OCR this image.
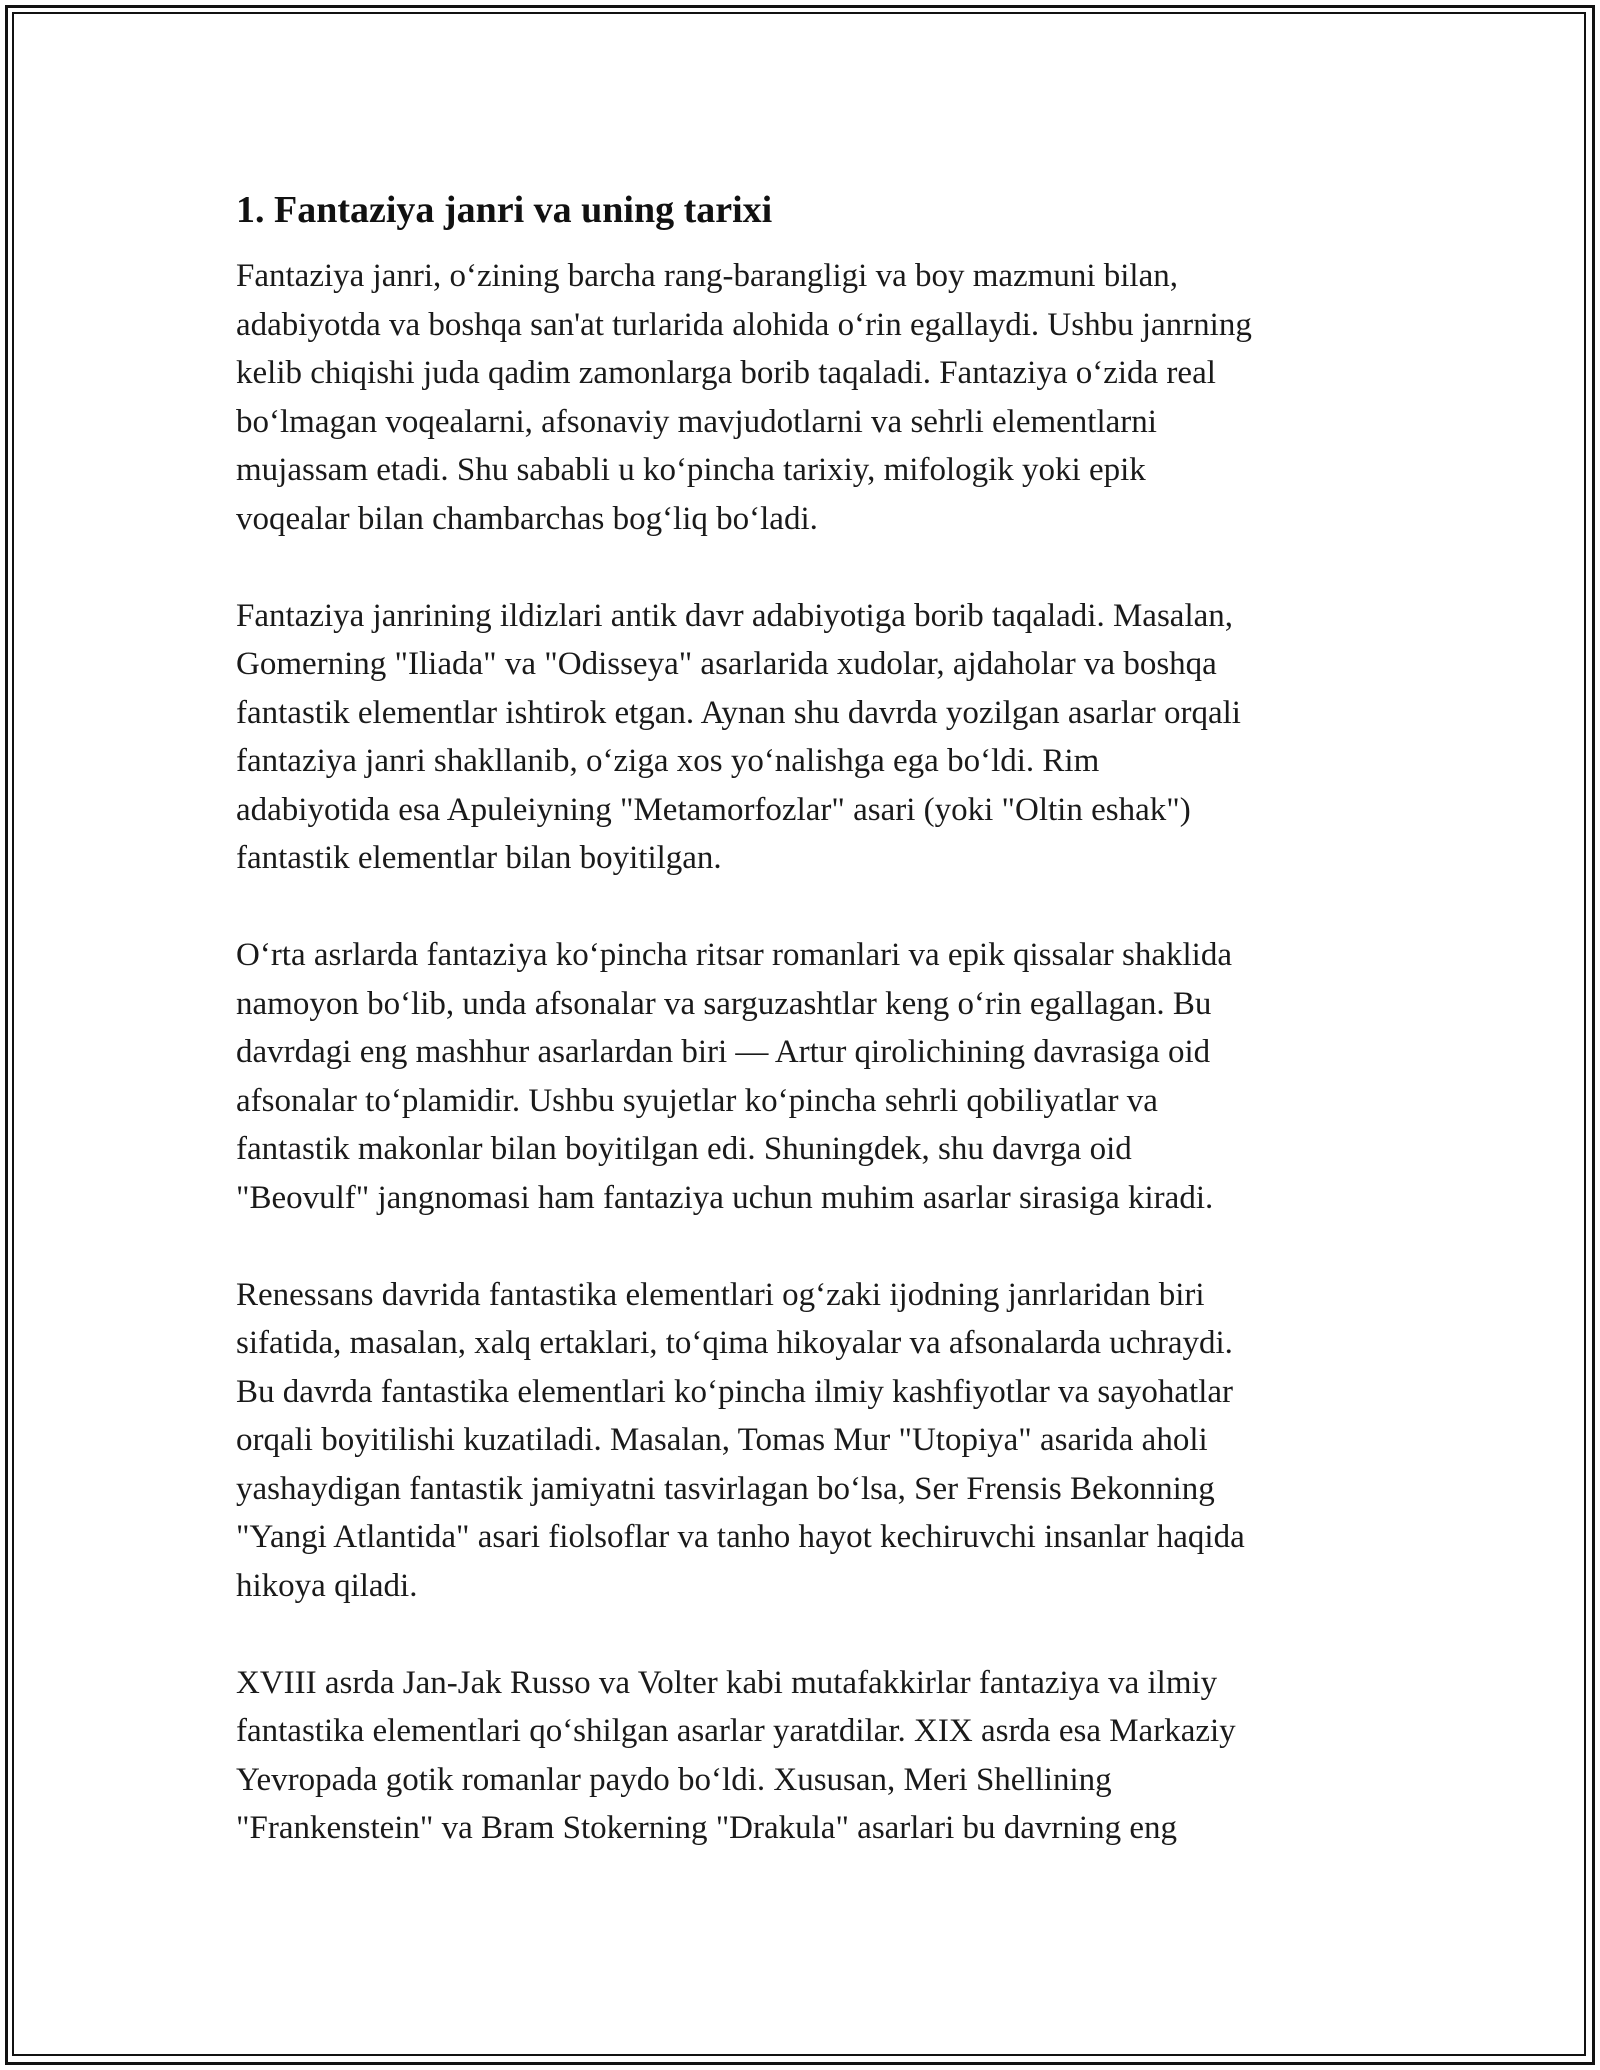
1. Fantaziya janri va uning tarixi
Fantaziya janri, o‘zining barcha rang-barangligi va boy mazmuni bilan,
adabiyotda va boshqa san'at turlarida alohida o‘rin egallaydi. Ushbu janrning
kelib chiqishi juda qadim zamonlarga borib taqaladi. Fantaziya o‘zida real
bo‘lmagan voqealarni, afsonaviy mavjudotlarni va sehrli elementlarni
mujassam etadi. Shu sababli u ko‘pincha tarixiy, mifologik yoki epik
voqealar bilan chambarchas bog‘liq bo‘ladi.
Fantaziya janrining ildizlari antik davr adabiyotiga borib taqaladi. Masalan,
Gomerning "Iliada" va "Odisseya" asarlarida xudolar, ajdaholar va boshqa
fantastik elementlar ishtirok etgan. Aynan shu davrda yozilgan asarlar orqali
fantaziya janri shakllanib, o‘ziga xos yo‘nalishga ega bo‘ldi. Rim
adabiyotida esa Apuleiyning "Metamorfozlar" asari (yoki "Oltin eshak")
fantastik elementlar bilan boyitilgan.
O‘rta asrlarda fantaziya ko‘pincha ritsar romanlari va epik qissalar shaklida
namoyon bo‘lib, unda afsonalar va sarguzashtlar keng o‘rin egallagan. Bu
davrdagi eng mashhur asarlardan biri — Artur qirolichining davrasiga oid
afsonalar to‘plamidir. Ushbu syujetlar ko‘pincha sehrli qobiliyatlar va
fantastik makonlar bilan boyitilgan edi. Shuningdek, shu davrga oid
"Beovulf" jangnomasi ham fantaziya uchun muhim asarlar sirasiga kiradi.
Renessans davrida fantastika elementlari og‘zaki ijodning janrlaridan biri
sifatida, masalan, xalq ertaklari, to‘qima hikoyalar va afsonalarda uchraydi.
Bu davrda fantastika elementlari ko‘pincha ilmiy kashfiyotlar va sayohatlar
orqali boyitilishi kuzatiladi. Masalan, Tomas Mur "Utopiya" asarida aholi
yashaydigan fantastik jamiyatni tasvirlagan bo‘lsa, Ser Frensis Bekonning
"Yangi Atlantida" asari fiolsoflar va tanho hayot kechiruvchi insanlar haqida
hikoya qiladi.
XVIII asrda Jan-Jak Russo va Volter kabi mutafakkirlar fantaziya va ilmiy
fantastika elementlari qo‘shilgan asarlar yaratdilar. XIX asrda esa Markaziy
Yevropada gotik romanlar paydo bo‘ldi. Xususan, Meri Shellining
"Frankenstein" va Bram Stokerning "Drakula" asarlari bu davrning eng
